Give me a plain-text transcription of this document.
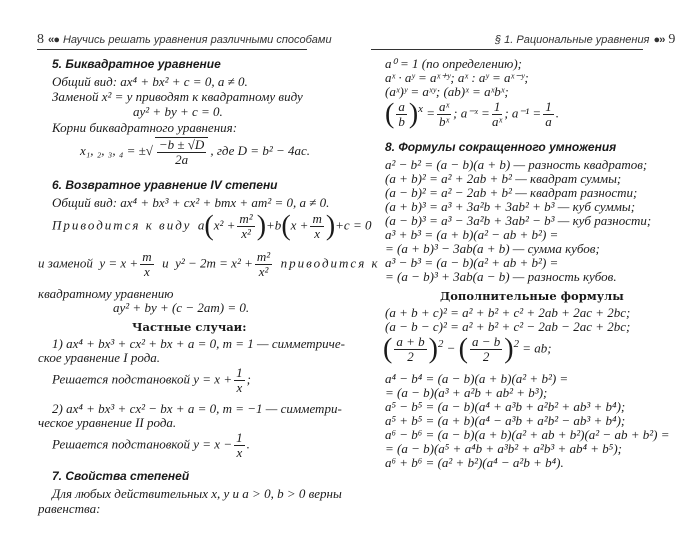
8 ‹‹● Научись решать уравнения различными способами
5. Биквадратное уравнение
Общий вид: ax⁴ + bx² + c = 0, a ≠ 0.
Заменой x² = y приводят к квадратному виду
ay² + by + c = 0.
Корни биквадратного уравнения:
x₁, ₂, ₃, ₄ = ±√ $\frac{-b \pm √D}{2a}$ , где D = b² − 4ac.
6. Возвратное уравнение IV степени
Общий вид: ax⁴ + bx³ + cx² + bmx + am² = 0, a ≠ 0.
Приводится к виду $a(x^2 + \frac{\text{m²}}{\text{x²}} )+b(x + \frac{m}{x} )+c = 0$
и заменой $y = x + \frac{m}{x}$ и $y^2 - 2m = x^2 + \frac{\text{m²}}{\text{x²}}$ приводится к
квадратному уравнению
ay² + by + (c − 2am) = 0.
Частные случаи:
1) ax⁴ + bx³ + cx² + bx + a = 0, m = 1 — симметриче-
ское уравнение I рода.
Решается подстановкой $y = x + \frac{1}{x}$ ;
2) ax⁴ + bx³ + cx² − bx + a = 0, m = −1 — симметри-
ческое уравнение II рода.
Решается подстановкой $y = x - \frac{1}{x}$ .
7. Свойства степеней
Для любых действительных x, y и a > 0, b > 0 верны
равенства:
§ 1. Рациональные уравнения ●›› 9
a⁰ = 1 (по определению);
aˣ · aʸ = aˣ⁺ʸ; aˣ : aʸ = aˣ⁻ʸ;
(aˣ)ʸ = aˣʸ; (ab)ˣ = aˣbˣ;
( $\frac{a}{b} )^x = \frac{\text{aˣ}}{\text{bˣ}}$ ; a⁻ˣ = $\frac{1}{\text{aˣ}}$ ; $a^{-1} = \frac{1}{a}$ .
8. Формулы сокращенного умножения
a² − b² = (a − b)(a + b) — разность квадратов;
(a + b)² = a² + 2ab + b² — квадрат суммы;
(a − b)² = a² − 2ab + b² — квадрат разности;
(a + b)³ = a³ + 3a²b + 3ab² + b³ — куб суммы;
(a − b)³ = a³ − 3a²b + 3ab² − b³ — куб разности;
a³ + b³ = (a + b)(a² − ab + b²) =
= (a + b)³ − 3ab(a + b) — сумма кубов;
a³ − b³ = (a − b)(a² + ab + b²) =
= (a − b)³ + 3ab(a − b) — разность кубов.
Дополнительные формулы
(a + b + c)² = a² + b² + c² + 2ab + 2ac + 2bc;
(a − b − c)² = a² + b² + c² − 2ab − 2ac + 2bc;
( $\frac{a + b}{2} )^2$ − ( $\frac{a - b}{2} )^2$ = ab;
a⁴ − b⁴ = (a − b)(a + b)(a² + b²) =
= (a − b)(a³ + a²b + ab² + b³);
a⁵ − b⁵ = (a − b)(a⁴ + a³b + a²b² + ab³ + b⁴);
a⁵ + b⁵ = (a + b)(a⁴ − a³b + a²b² − ab³ + b⁴);
a⁶ − b⁶ = (a − b)(a + b)(a² + ab + b²)(a² − ab + b²) =
= (a − b)(a⁵ + a⁴b + a³b² + a²b³ + ab⁴ + b⁵);
a⁶ + b⁶ = (a² + b²)(a⁴ − a²b + b⁴).
